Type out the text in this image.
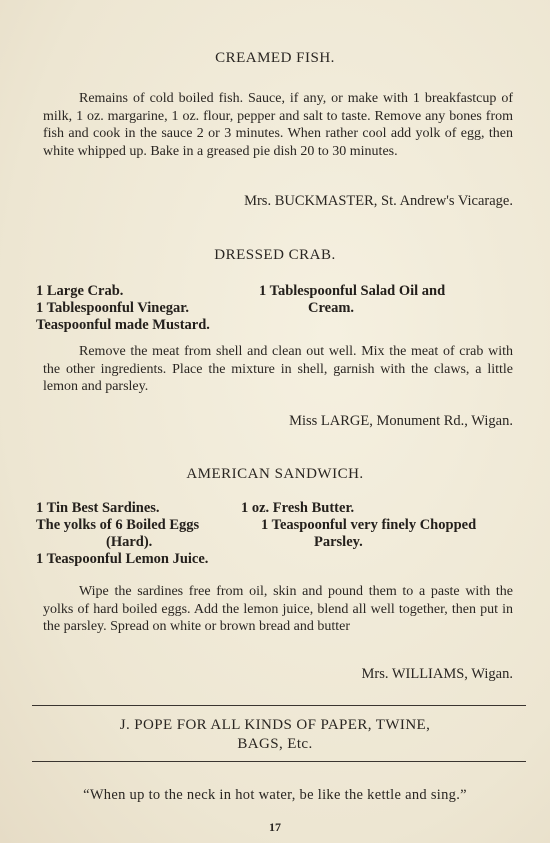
CREAMED FISH.

Remains of cold boiled fish. Sauce, if any, or make with 1 breakfastcup of milk, 1 oz. margarine, 1 oz. flour, pepper and salt to taste. Remove any bones from fish and cook in the sauce 2 or 3 minutes. When rather cool add yolk of egg, then white whipped up. Bake in a greased pie dish 20 to 30 minutes.

Mrs. BUCKMASTER, St. Andrew's Vicarage.
DRESSED CRAB.
1 Large Crab.	1 Tablespoonful Salad Oil and
1 Tablespoonful Vinegar.	Cream.
Teaspoonful made Mustard.

Remove the meat from shell and clean out well. Mix the meat of crab with the other ingredients. Place the mixture in shell, garnish with the claws, a little lemon and parsley.

Miss LARGE, Monument Rd., Wigan.
AMERICAN SANDWICH.
1 Tin Best Sardines.	1 oz. Fresh Butter.
The yolks of 6 Boiled Eggs	1 Teaspoonful very finely Chopped
(Hard).	Parsley.
1 Teaspoonful Lemon Juice.

Wipe the sardines free from oil, skin and pound them to a paste with the yolks of hard boiled eggs. Add the lemon juice, blend all well together, then put in the parsley. Spread on white or brown bread and butter

Mrs. WILLIAMS, Wigan.
J. POPE FOR ALL KINDS OF PAPER, TWINE,
BAGS, Etc.
“When up to the neck in hot water, be like the kettle and sing.”
17
